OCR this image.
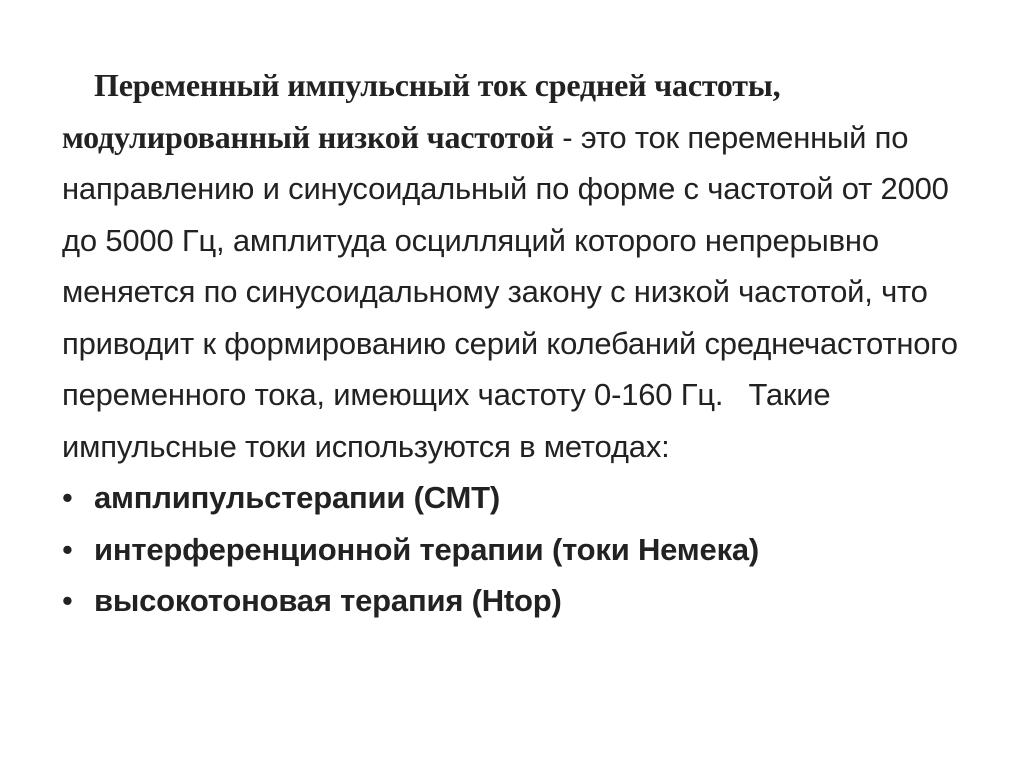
Переменный импульсный ток средней частоты, модулированный низкой частотой - это ток переменный по направлению и синусоидальный по форме с частотой от 2000 до 5000 Гц, амплитуда осцилляций которого непрерывно меняется по синусоидальному закону с низкой частотой, что приводит к формированию серий колебаний среднечастотного переменного тока, имеющих частоту 0-160 Гц. Такие импульсные токи используются в методах:

• амплипульстерапии (СМТ)
• интерференционной терапии (токи Немека)
• высокотоновая терапия (Htop)
